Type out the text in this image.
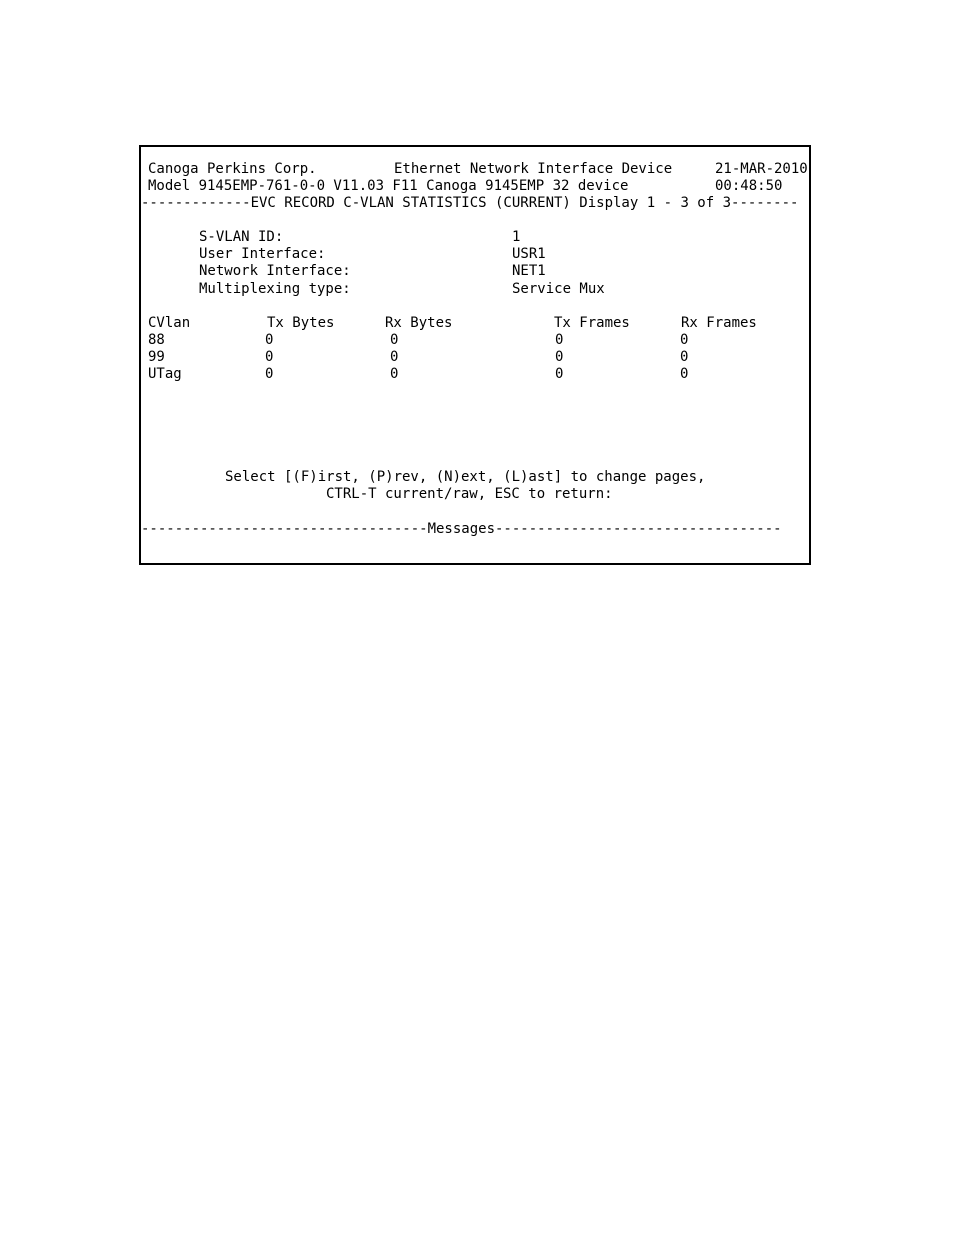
Canoga Perkins Corp.	Ethernet Network Interface Device	21-MAR-2010
Model 9145EMP-761-0-0 V11.03 F11 Canoga 9145EMP 32 device	00:48:50
-------------EVC RECORD C-VLAN STATISTICS (CURRENT) Display 1 - 3 of 3--------
S-VLAN ID:	1
User Interface:	USR1
Network Interface:	NET1
Multiplexing type:	Service Mux
CVlan	Tx Bytes	Rx Bytes	Tx Frames	Rx Frames
88	0	0	0	0
99	0	0	0	0
UTag	0	0	0	0
Select [(F)irst, (P)rev, (N)ext, (L)ast] to change pages,
CTRL-T current/raw, ESC to return:
----------------------------------Messages----------------------------------
